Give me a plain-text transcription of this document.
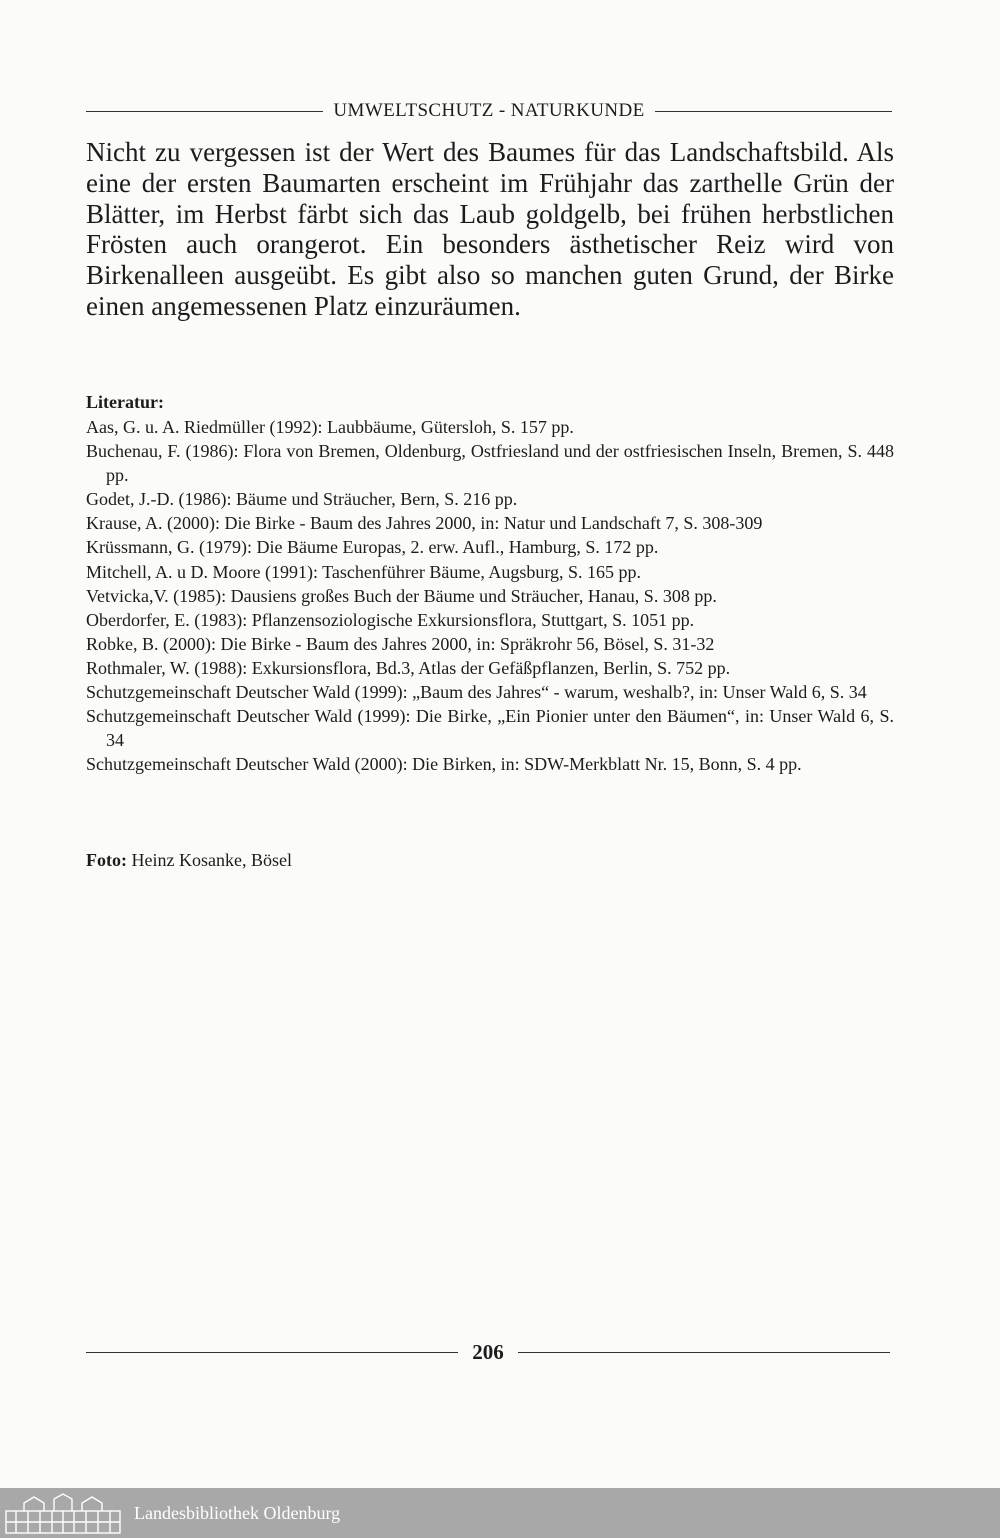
UMWELTSCHUTZ - NATURKUNDE

Nicht zu vergessen ist der Wert des Baumes für das Landschaftsbild. Als eine der ersten Baumarten erscheint im Frühjahr das zarthelle Grün der Blätter, im Herbst färbt sich das Laub goldgelb, bei frühen herbstlichen Frösten auch orangerot. Ein besonders ästhetischer Reiz wird von Birkenalleen ausgeübt. Es gibt also so manchen guten Grund, der Birke einen angemessenen Platz einzuräumen.

Literatur:

Aas, G. u. A. Riedmüller (1992): Laubbäume, Gütersloh, S. 157 pp.
Buchenau, F. (1986): Flora von Bremen, Oldenburg, Ostfriesland und der ostfriesischen Inseln, Bremen, S. 448 pp.
Godet, J.-D. (1986): Bäume und Sträucher, Bern, S. 216 pp.
Krause, A. (2000): Die Birke - Baum des Jahres 2000, in: Natur und Landschaft 7, S. 308-309
Krüssmann, G. (1979): Die Bäume Europas, 2. erw. Aufl., Hamburg, S. 172 pp.
Mitchell, A. u D. Moore (1991): Taschenführer Bäume, Augsburg, S. 165 pp.
Vetvicka,V. (1985): Dausiens großes Buch der Bäume und Sträucher, Hanau, S. 308 pp.
Oberdorfer, E. (1983): Pflanzensoziologische Exkursionsflora, Stuttgart, S. 1051 pp.
Robke, B. (2000): Die Birke - Baum des Jahres 2000, in: Spräkrohr 56, Bösel, S. 31-32
Rothmaler, W. (1988): Exkursionsflora, Bd.3, Atlas der Gefäßpflanzen, Berlin, S. 752 pp.
Schutzgemeinschaft Deutscher Wald (1999): „Baum des Jahres“ - warum, weshalb?, in: Unser Wald 6, S. 34
Schutzgemeinschaft Deutscher Wald (1999): Die Birke, „Ein Pionier unter den Bäumen“, in: Unser Wald 6, S. 34
Schutzgemeinschaft Deutscher Wald (2000): Die Birken, in: SDW-Merkblatt Nr. 15, Bonn, S. 4 pp.
Foto: Heinz Kosanke, Bösel
206
Landesbibliothek Oldenburg
